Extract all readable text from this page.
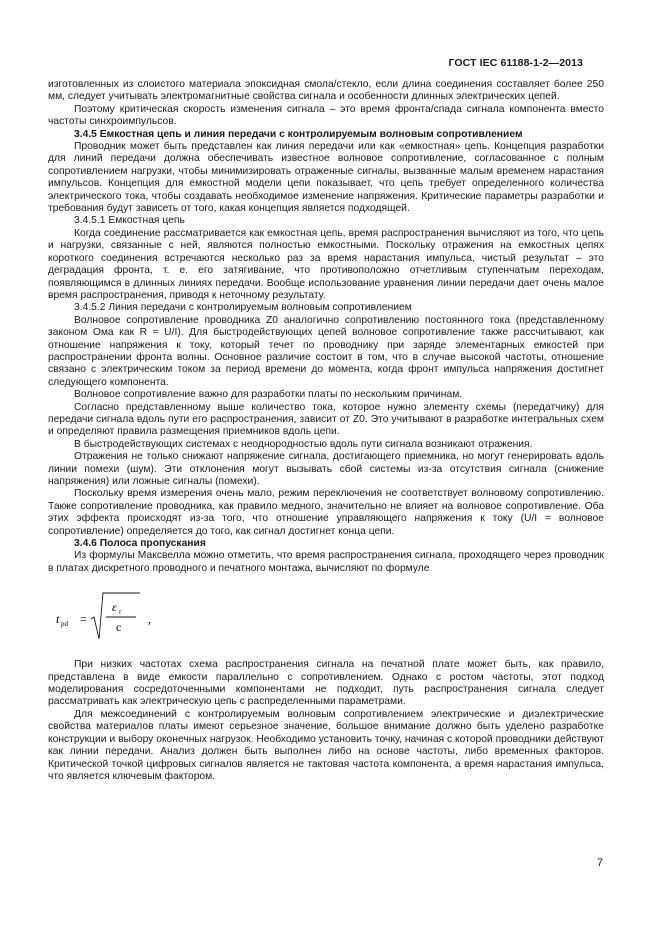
ГОСТ IEC 61188-1-2—2013

изготовленных из слоистого материала эпоксидная смола/стекло, если длина соединения составляет более 250 мм, следует учитывать электромагнитные свойства сигнала и особенности длинных электрических цепей.

Поэтому критическая скорость изменения сигнала – это время фронта/спада сигнала компонента вместо частоты синхроимпульсов.

3.4.5 Емкостная цепь и линия передачи с контролируемым волновым сопротивлением

Проводник может быть представлен как линия передачи или как «емкостная» цепь. Концепция разработки для линий передачи должна обеспечивать известное волновое сопротивление, согласованное с полным сопротивлением нагрузки, чтобы минимизировать отраженные сигналы, вызванные малым временем нарастания импульсов. Концепция для емкостной модели цепи показывает, что цепь требует определенного количества электрического тока, чтобы создавать необходимое изменение напряжения. Критические параметры разработки и требования будут зависеть от того, какая концепция является подходящей.

3.4.5.1 Емкостная цепь

Когда соединение рассматривается как емкостная цепь, время распространения вычисляют из того, что цепь и нагрузки, связанные с ней, являются полностью емкостными. Поскольку отражения на емкостных цепях короткого соединения встречаются несколько раз за время нарастания импульса, чистый результат – это деградация фронта, т. е. его затягивание, что противоположно отчетливым ступенчатым переходам, появляющимся в длинных линиях передачи. Вообще использование уравнения линии передачи дает очень малое время распространения, приводя к неточному результату.

3.4.5.2 Линия передачи с контролируемым волновым сопротивлением

Волновое сопротивление проводника Z0 аналогично сопротивлению постоянного тока (представленному законом Ома как R = U/I). Для быстродействующих цепей волновое сопротивление также рассчитывают, как отношение напряжения к току, который течет по проводнику при заряде элементарных емкостей при распространении фронта волны. Основное различие состоит в том, что в случае высокой частоты, отношение связано с электрическим током за период времени до момента, когда фронт импульса напряжения достигнет следующего компонента.

Волновое сопротивление важно для разработки платы по нескольким причинам.

Согласно представленному выше количество тока, которое нужно элементу схемы (передатчику) для передачи сигнала вдоль пути его распространения, зависит от Z0. Это учитывают в разработке интегральных схем и определяют правила размещения приемников вдоль цепи.

В быстродействующих системах с неоднородностью вдоль пути сигнала возникают отражения.

Отражения не только снижают напряжение сигнала, достигающего приемника, но могут генерировать вдоль линии помехи (шум). Эти отклонения могут вызывать сбой системы из-за отсутствия сигнала (снижение напряжения) или ложные сигналы (помехи).

Поскольку время измерения очень мало, режим переключения не соответствует волновому сопротивлению. Также сопротивление проводника, как правило медного, значительно не влияет на волновое сопротивление. Оба этих эффекта происходят из-за того, что отношение управляющего напряжения к току (U/I = волновое сопротивление) определяется до того, как сигнал достигнет конца цепи.

3.4.6 Полоса пропускания

Из формулы Максвелла можно отметить, что время распространения сигнала, проходящего через проводник в платах дискретного проводного и печатного монтажа, вычисляют по формуле

t pd =
ε r
c
,

При низких частотах схема распространения сигнала на печатной плате может быть, как правило, представлена в виде емкости параллельно с сопротивлением. Однако с ростом частоты, этот подход моделирования сосредоточенными компонентами не подходит, путь распространения сигнала следует рассматривать как электрическую цепь с распределенными параметрами.

Для межсоединений с контролируемым волновым сопротивлением электрические и диэлектрические свойства материалов платы имеют серьезное значение, большое внимание должно быть уделено разработке конструкции и выбору оконечных нагрузок. Необходимо установить точку, начиная с которой проводники действуют как линии передачи. Анализ должен быть выполнен либо на основе частоты, либо временных факторов. Критической точкой цифровых сигналов является не тактовая частота компонента, а время нарастания импульса, что является ключевым фактором.

7
